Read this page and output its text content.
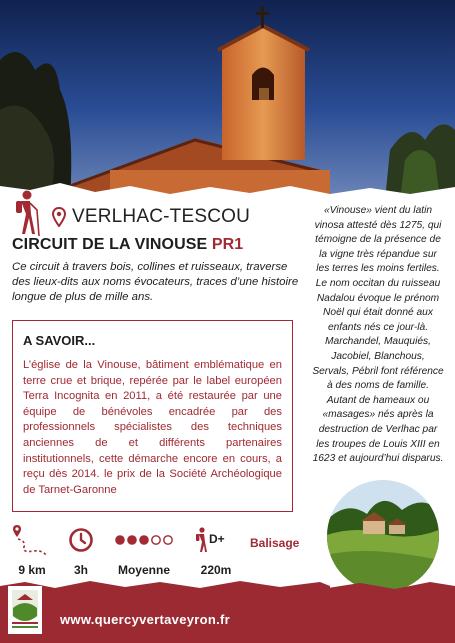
VERLHAC-TESCOU
CIRCUIT DE LA VINOUSE PR1

Ce circuit à travers bois, collines et ruisseaux, traverse des lieux-dits aux noms évocateurs, traces d’une histoire longue de plus de mille ans.

A SAVOIR...

L’église de la Vinouse, bâtiment emblématique en terre crue et brique, repérée par le label européen Terra Incognita en 2011, a été restaurée par une équipe de bénévoles encadrée par des professionnels spécialistes des techniques anciennes de et différents partenaires institutionnels, cette démarche encore en cours, a reçu dès 2014. le prix de la Société Archéologique de Tarnet-Garonne

«Vinouse» vient du latin vinosa attesté dès 1275, qui témoigne de la présence de la vigne très répandue sur les terres les moins fertiles. Le nom occitan du ruisseau Nadalou évoque le prénom Noël qui était donné aux enfants nés ce jour-là.

Marchandel, Mauquiés, Jacobiel, Blanchous, Servals, Pébril font référence à des noms de famille. Autant de hameaux ou «masages» nés après la destruction de Verlhac par les troupes de Louis XIII en 1623 et aujourd’hui disparus.

9 km	3h	Moyenne
D+
220m
Balisage
www.quercyvertaveyron.fr
